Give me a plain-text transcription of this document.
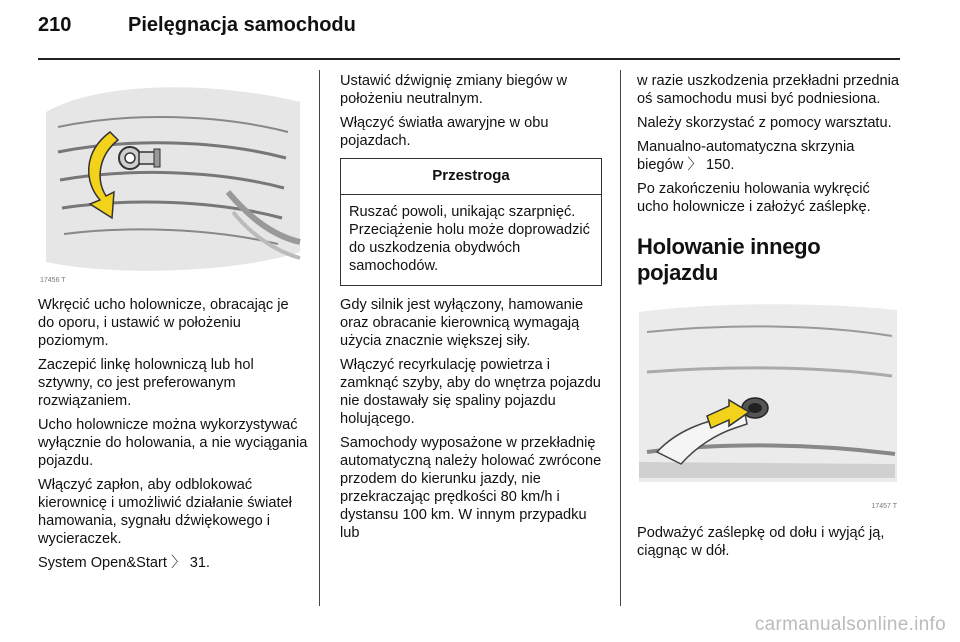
210	Pielęgnacja samochodu
17456 T

Wkręcić ucho holownicze, obracając je do oporu, i ustawić w położeniu poziomym.

Zaczepić linkę holowniczą lub hol sztywny, co jest preferowanym rozwiązaniem.

Ucho holownicze można wykorzystywać wyłącznie do holowania, a nie wyciągania pojazdu.

Włączyć zapłon, aby odblokować kierownicę i umożliwić działanie świateł hamowania, sygnału dźwiękowego i wycieraczek.

System Open&Start 〉 31.

Ustawić dźwignię zmiany biegów w położeniu neutralnym.

Włączyć światła awaryjne w obu pojazdach.

Przestroga
Ruszać powoli, unikając szarpnięć. Przeciążenie holu może doprowadzić do uszkodzenia obydwóch samochodów.

Gdy silnik jest wyłączony, hamowanie oraz obracanie kierownicą wymagają użycia znacznie większej siły.

Włączyć recyrkulację powietrza i zamknąć szyby, aby do wnętrza pojazdu nie dostawały się spaliny pojazdu holującego.

Samochody wyposażone w przekładnię automatyczną należy holować zwrócone przodem do kierunku jazdy, nie przekraczając prędkości 80 km/h i dystansu 100 km. W innym przypadku lub

w razie uszkodzenia przekładni przednia oś samochodu musi być podniesiona.

Należy skorzystać z pomocy warsztatu.

Manualno-automatyczna skrzynia biegów 〉 150.

Po zakończeniu holowania wykręcić ucho holownicze i założyć zaślepkę.

Holowanie innego pojazdu
17457 T

Podważyć zaślepkę od dołu i wyjąć ją, ciągnąc w dół.

carmanualsonline.info
